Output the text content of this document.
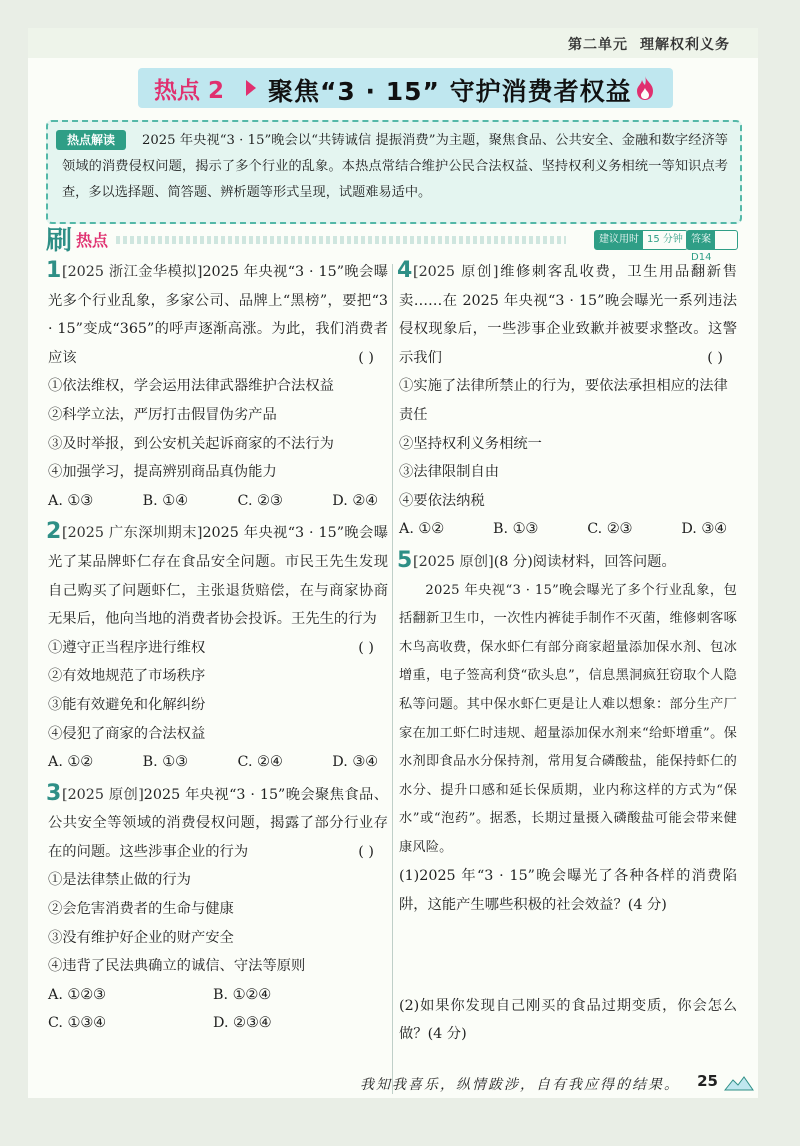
第二单元 理解权利义务
热点 2 聚焦“3 · 15” 守护消费者权益
热点解读	2025 年央视“3 · 15”晚会以“共铸诚信 提振消费”为主题，聚焦食品、公共安全、金融和数字经济等领域的消费侵权问题，揭示了多个行业的乱象。本热点常结合维护公民合法权益、坚持权利义务相统一等知识点考查，多以选择题、简答题、辨析题等形式呈现，试题难易适中。
刷 热点	建议用时 15 分钟 答案D14
1 [2025 浙江金华模拟]2025 年央视“3 · 15”晚会曝光多个行业乱象，多家公司、品牌上“黑榜”，要把“3 · 15”变成“365”的呼声逐渐高涨。为此，我们消费者应该	( )
①依法维权，学会运用法律武器维护合法权益
②科学立法，严厉打击假冒伪劣产品
③及时举报，到公安机关起诉商家的不法行为
④加强学习，提高辨别商品真伪能力
A. ①③	B. ①④	C. ②③	D. ②④
2 [2025 广东深圳期末]2025 年央视“3 · 15”晚会曝光了某品牌虾仁存在食品安全问题。市民王先生发现自己购买了问题虾仁，主张退货赔偿，在与商家协商无果后，他向当地的消费者协会投诉。王先生的行为
( )
①遵守正当程序进行维权
②有效地规范了市场秩序
③能有效避免和化解纠纷
④侵犯了商家的合法权益
A. ①②	B. ①③	C. ②④	D. ③④
3 [2025 原创]2025 年央视“3 · 15”晚会聚焦食品、公共安全等领域的消费侵权问题，揭露了部分行业存在的问题。这些涉事企业的行为	( )
①是法律禁止做的行为
②会危害消费者的生命与健康
③没有维护好企业的财产安全
④违背了民法典确立的诚信、守法等原则
A. ①②③	B. ①②④
C. ①③④	D. ②③④
4 [2025 原创]维修刺客乱收费，卫生用品翻新售卖……在 2025 年央视“3 · 15”晚会曝光一系列违法侵权现象后，一些涉事企业致歉并被要求整改。这警示我们	( )
①实施了法律所禁止的行为，要依法承担相应的法律责任
②坚持权利义务相统一
③法律限制自由
④要依法纳税
A. ①②	B. ①③	C. ②③	D. ③④
5 [2025 原创](8 分)阅读材料，回答问题。
2025 年央视“3 · 15”晚会曝光了多个行业乱象，包括翻新卫生巾，一次性内裤徒手制作不灭菌，维修刺客啄木鸟高收费，保水虾仁有部分商家超量添加保水剂、包冰增重，电子签高利贷“砍头息”，信息黑洞疯狂窃取个人隐私等问题。其中保水虾仁更是让人难以想象：部分生产厂家在加工虾仁时违规、超量添加保水剂来“给虾增重”。保水剂即食品水分保持剂，常用复合磷酸盐，能保持虾仁的水分、提升口感和延长保质期，业内称这样的方式为“保水”或“泡药”。据悉，长期过量摄入磷酸盐可能会带来健康风险。
(1)2025 年“3 · 15”晚会曝光了各种各样的消费陷阱，这能产生哪些积极的社会效益？(4 分)
(2)如果你发现自己刚买的食品过期变质，你会怎么做？(4 分)
我知我喜乐，纵情跋涉，自有我应得的结果。 25
